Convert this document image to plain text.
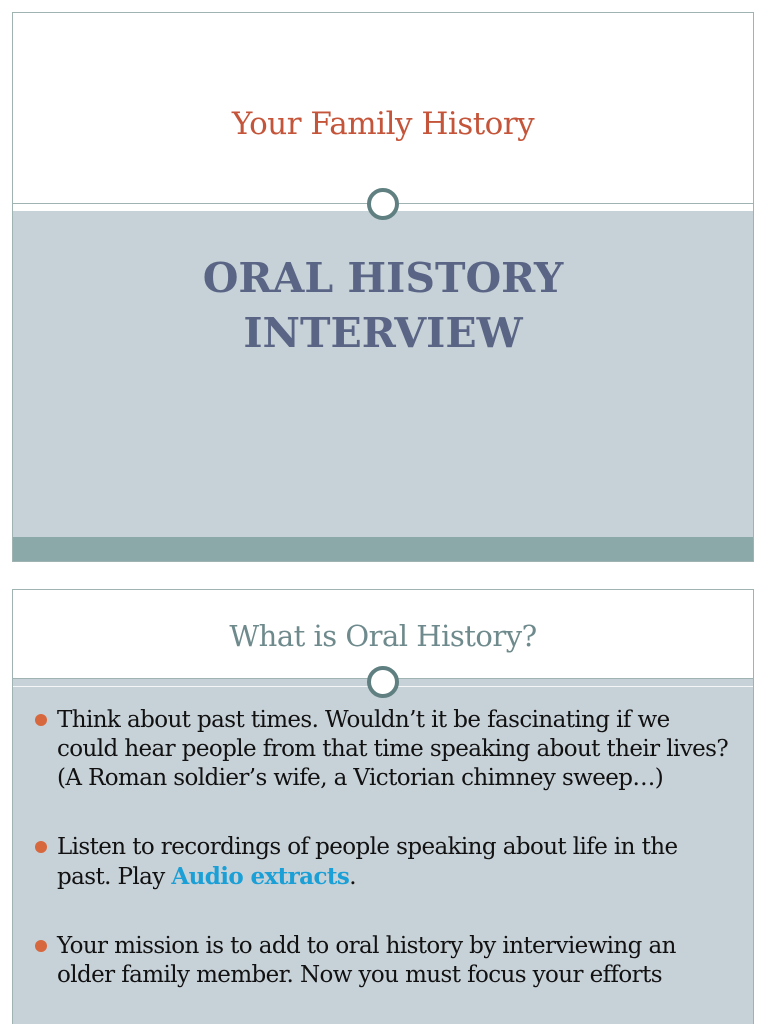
Your Family History
ORAL HISTORY
INTERVIEW
What is Oral History?
Think about past times. Wouldn’t it be fascinating if we could hear people from that time speaking about their lives? (A Roman soldier’s wife, a Victorian chimney sweep…)
Listen to recordings of people speaking about life in the past. Play Audio extracts.
Your mission is to add to oral history by interviewing an older family member. Now you must focus your efforts
